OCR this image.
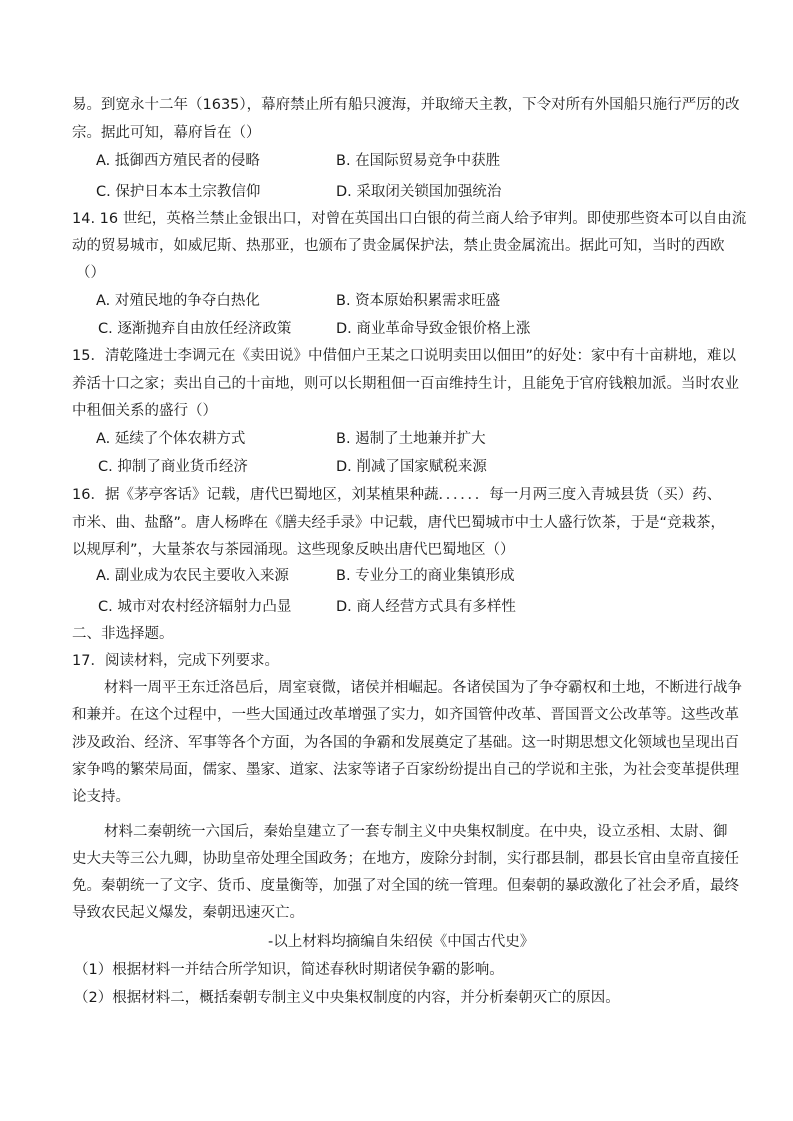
易。到宽永十二年（1635），幕府禁止所有船只渡海，并取缔天主教，下令对所有外国船只施行严厉的改
宗。据此可知，幕府旨在（）
A. 抵御西方殖民者的侵略	B. 在国际贸易竞争中获胜
C. 保护日本本土宗教信仰	D. 采取闭关锁国加强统治
14. 16 世纪，英格兰禁止金银出口，对曾在英国出口白银的荷兰商人给予审判。即使那些资本可以自由流
动的贸易城市，如威尼斯、热那亚，也颁布了贵金属保护法，禁止贵金属流出。据此可知，当时的西欧
（）
A. 对殖民地的争夺白热化	B. 资本原始积累需求旺盛
C. 逐渐抛弃自由放任经济政策	D. 商业革命导致金银价格上涨
15．清乾隆进士李调元在《卖田说》中借佃户王某之口说明卖田以佃田”的好处：家中有十亩耕地，难以
养活十口之家；卖出自己的十亩地，则可以长期租佃一百亩维持生计，且能免于官府钱粮加派。当时农业
中租佃关系的盛行（）
A. 延续了个体农耕方式	B. 遏制了土地兼并扩大
C. 抑制了商业货币经济	D. 削减了国家赋税来源
16．据《茅亭客话》记载，唐代巴蜀地区，刘某植果种蔬．．．．．．每一月两三度入青城县货（买）药、
市米、曲、盐酪”。唐人杨晔在《膳夫经手录》中记载，唐代巴蜀城市中士人盛行饮茶，于是“竞栽茶，
以规厚利”，大量茶农与茶园涌现。这些现象反映出唐代巴蜀地区（）
A. 副业成为农民主要收入来源	B. 专业分工的商业集镇形成
C. 城市对农村经济辐射力凸显	D. 商人经营方式具有多样性
二、非选择题。
17．阅读材料，完成下列要求。
材料一周平王东迁洛邑后，周室衰微，诸侯并相崛起。各诸侯国为了争夺霸权和土地，不断进行战争
和兼并。在这个过程中，一些大国通过改革增强了实力，如齐国管仲改革、晋国晋文公改革等。这些改革
涉及政治、经济、军事等各个方面，为各国的争霸和发展奠定了基础。这一时期思想文化领域也呈现出百
家争鸣的繁荣局面，儒家、墨家、道家、法家等诸子百家纷纷提出自己的学说和主张，为社会变革提供理
论支持。
材料二秦朝统一六国后，秦始皇建立了一套专制主义中央集权制度。在中央，设立丞相、太尉、御
史大夫等三公九卿，协助皇帝处理全国政务；在地方，废除分封制，实行郡县制，郡县长官由皇帝直接任
免。秦朝统一了文字、货币、度量衡等，加强了对全国的统一管理。但秦朝的暴政激化了社会矛盾，最终
导致农民起义爆发，秦朝迅速灭亡。
-以上材料均摘编自朱绍侯《中国古代史》
（1）根据材料一并结合所学知识，简述春秋时期诸侯争霸的影响。
（2）根据材料二，概括秦朝专制主义中央集权制度的内容，并分析秦朝灭亡的原因。
